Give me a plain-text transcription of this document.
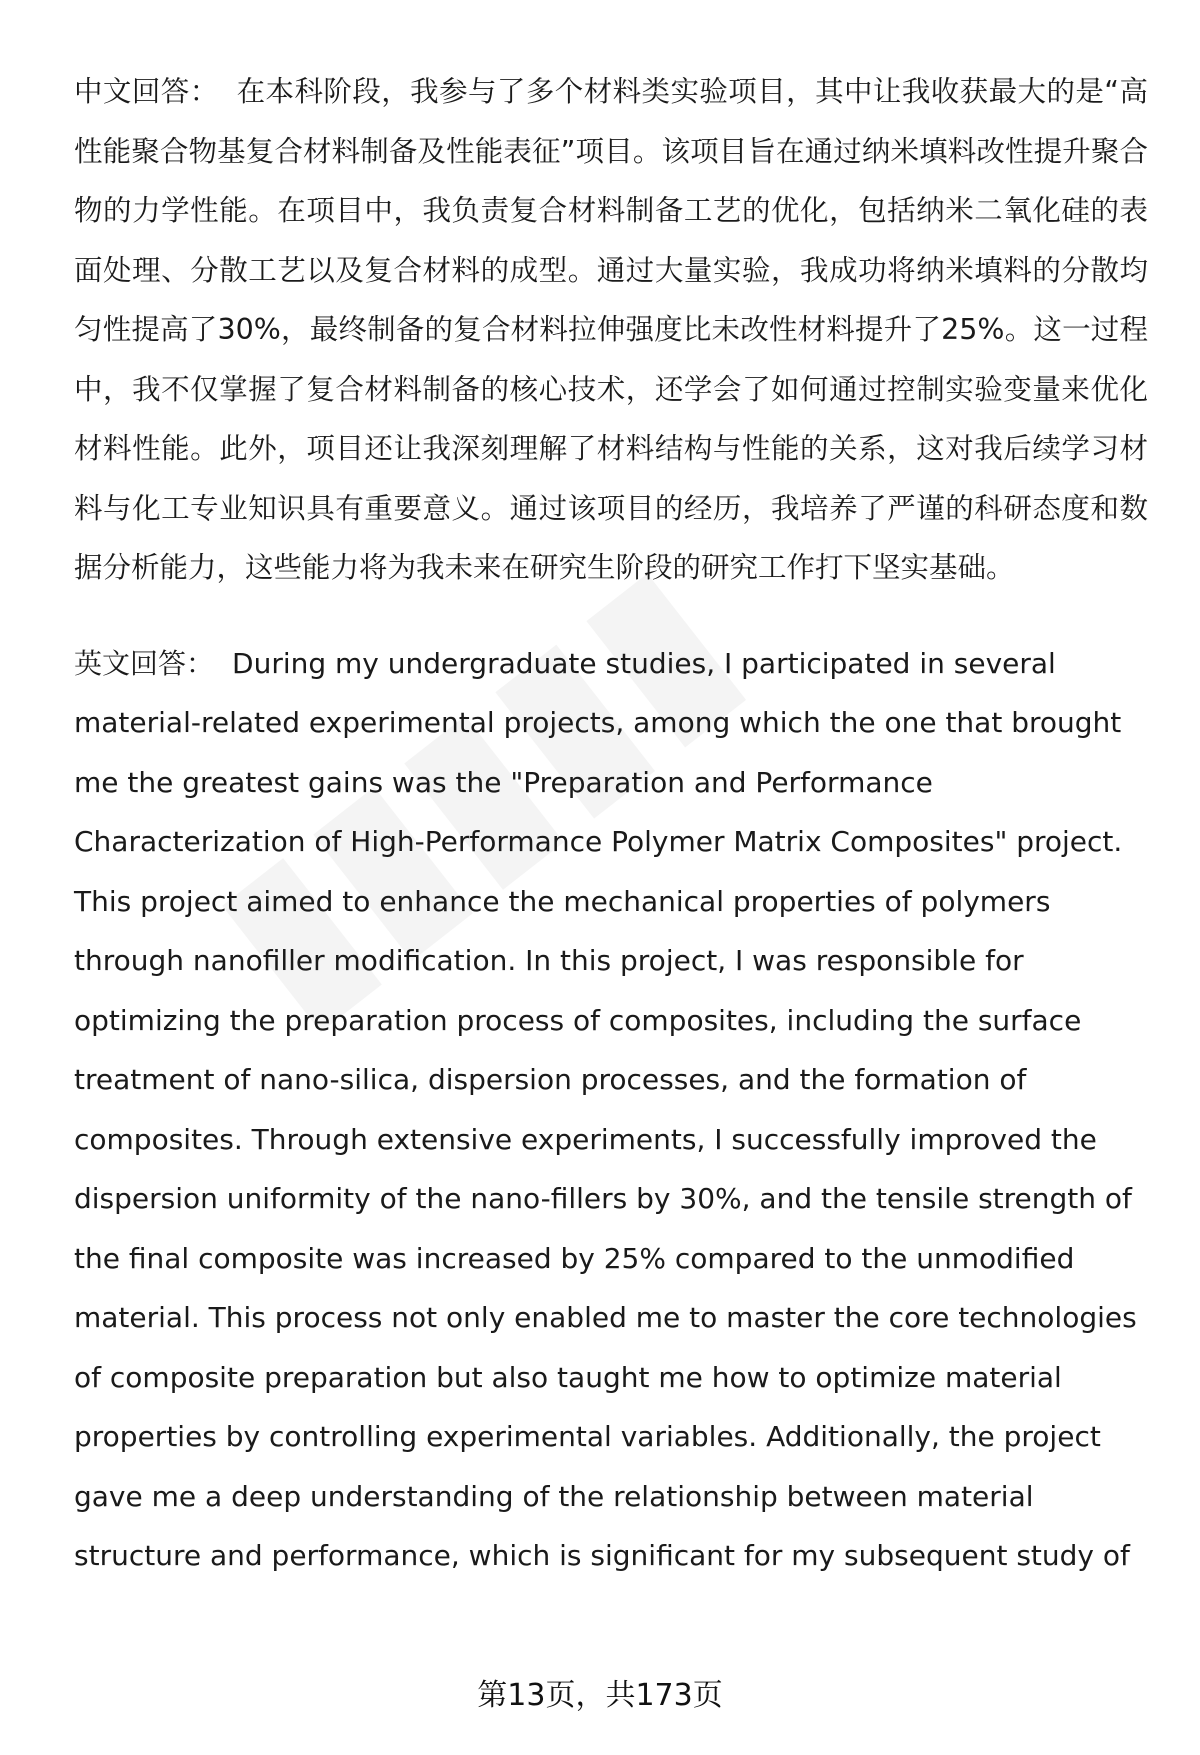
中文回答： 在本科阶段，我参与了多个材料类实验项目，其中让我收获最大的是“高性能聚合物基复合材料制备及性能表征”项目。该项目旨在通过纳米填料改性提升聚合物的力学性能。在项目中，我负责复合材料制备工艺的优化，包括纳米二氧化硅的表面处理、分散工艺以及复合材料的成型。通过大量实验，我成功将纳米填料的分散均匀性提高了30%，最终制备的复合材料拉伸强度比未改性材料提升了25%。这一过程中，我不仅掌握了复合材料制备的核心技术，还学会了如何通过控制实验变量来优化材料性能。此外，项目还让我深刻理解了材料结构与性能的关系，这对我后续学习材料与化工专业知识具有重要意义。通过该项目的经历，我培养了严谨的科研态度和数据分析能力，这些能力将为我未来在研究生阶段的研究工作打下坚实基础。

英文回答： During my undergraduate studies, I participated in several material-related experimental projects, among which the one that brought me the greatest gains was the "Preparation and Performance Characterization of High-Performance Polymer Matrix Composites" project. This project aimed to enhance the mechanical properties of polymers through nanofiller modification. In this project, I was responsible for optimizing the preparation process of composites, including the surface treatment of nano-silica, dispersion processes, and the formation of composites. Through extensive experiments, I successfully improved the dispersion uniformity of the nano-fillers by 30%, and the tensile strength of the final composite was increased by 25% compared to the unmodified material. This process not only enabled me to master the core technologies of composite preparation but also taught me how to optimize material properties by controlling experimental variables. Additionally, the project gave me a deep understanding of the relationship between material structure and performance, which is significant for my subsequent study of

第13页，共173页
